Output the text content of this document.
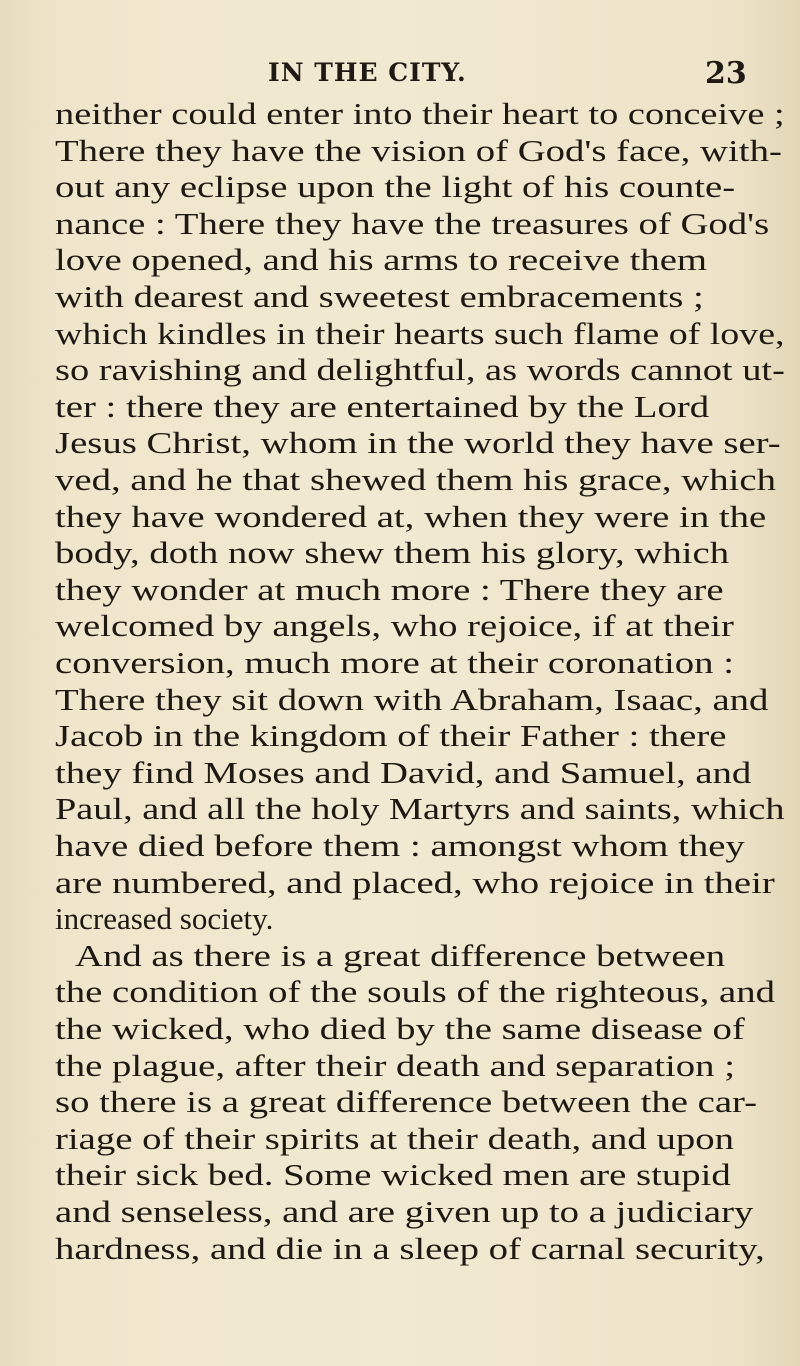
IN THE CITY.	23
neither could enter into their heart to conceive ;
There they have the vision of God's face, with-
out any eclipse upon the light of his counte-
nance : There they have the treasures of God's
love opened, and his arms to receive them
with dearest and sweetest embracements ;
which kindles in their hearts such flame of love,
so ravishing and delightful, as words cannot ut-
ter : there they are entertained by the Lord
Jesus Christ, whom in the world they have ser-
ved, and he that shewed them his grace, which
they have wondered at, when they were in the
body, doth now shew them his glory, which
they wonder at much more : There they are
welcomed by angels, who rejoice, if at their
conversion, much more at their coronation :
There they sit down with Abraham, Isaac, and
Jacob in the kingdom of their Father : there
they find Moses and David, and Samuel, and
Paul, and all the holy Martyrs and saints, which
have died before them : amongst whom they
are numbered, and placed, who rejoice in their
increased society.
And as there is a great difference between
the condition of the souls of the righteous, and
the wicked, who died by the same disease of
the plague, after their death and separation ;
so there is a great difference between the car-
riage of their spirits at their death, and upon
their sick bed. Some wicked men are stupid
and senseless, and are given up to a judiciary
hardness, and die in a sleep of carnal security,
